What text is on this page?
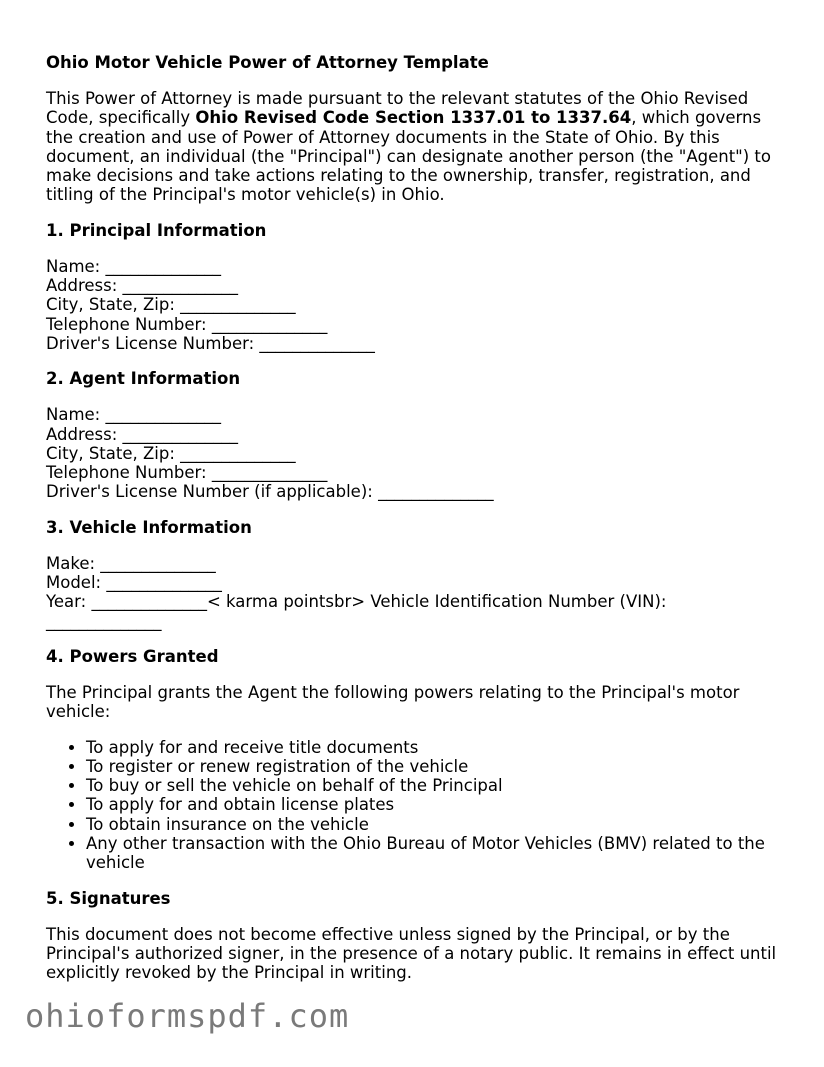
Ohio Motor Vehicle Power of Attorney Template

This Power of Attorney is made pursuant to the relevant statutes of the Ohio Revised Code, specifically Ohio Revised Code Section 1337.01 to 1337.64, which governs the creation and use of Power of Attorney documents in the State of Ohio. By this document, an individual (the "Principal") can designate another person (the "Agent") to make decisions and take actions relating to the ownership, transfer, registration, and titling of the Principal's motor vehicle(s) in Ohio.

1. Principal Information
Name: ______________
Address: ______________
City, State, Zip: ______________
Telephone Number: ______________
Driver's License Number: ______________
2. Agent Information
Name: ______________
Address: ______________
City, State, Zip: ______________
Telephone Number: ______________
Driver's License Number (if applicable): ______________
3. Vehicle Information
Make: ______________
Model: ______________
Year: ______________< karma pointsbr> Vehicle Identification Number (VIN): ______________
4. Powers Granted

The Principal grants the Agent the following powers relating to the Principal's motor vehicle:

• To apply for and receive title documents
• To register or renew registration of the vehicle
• To buy or sell the vehicle on behalf of the Principal
• To apply for and obtain license plates
• To obtain insurance on the vehicle
• Any other transaction with the Ohio Bureau of Motor Vehicles (BMV) related to the vehicle
5. Signatures

This document does not become effective unless signed by the Principal, or by the Principal's authorized signer, in the presence of a notary public. It remains in effect until explicitly revoked by the Principal in writing.

ohioformspdf.com
